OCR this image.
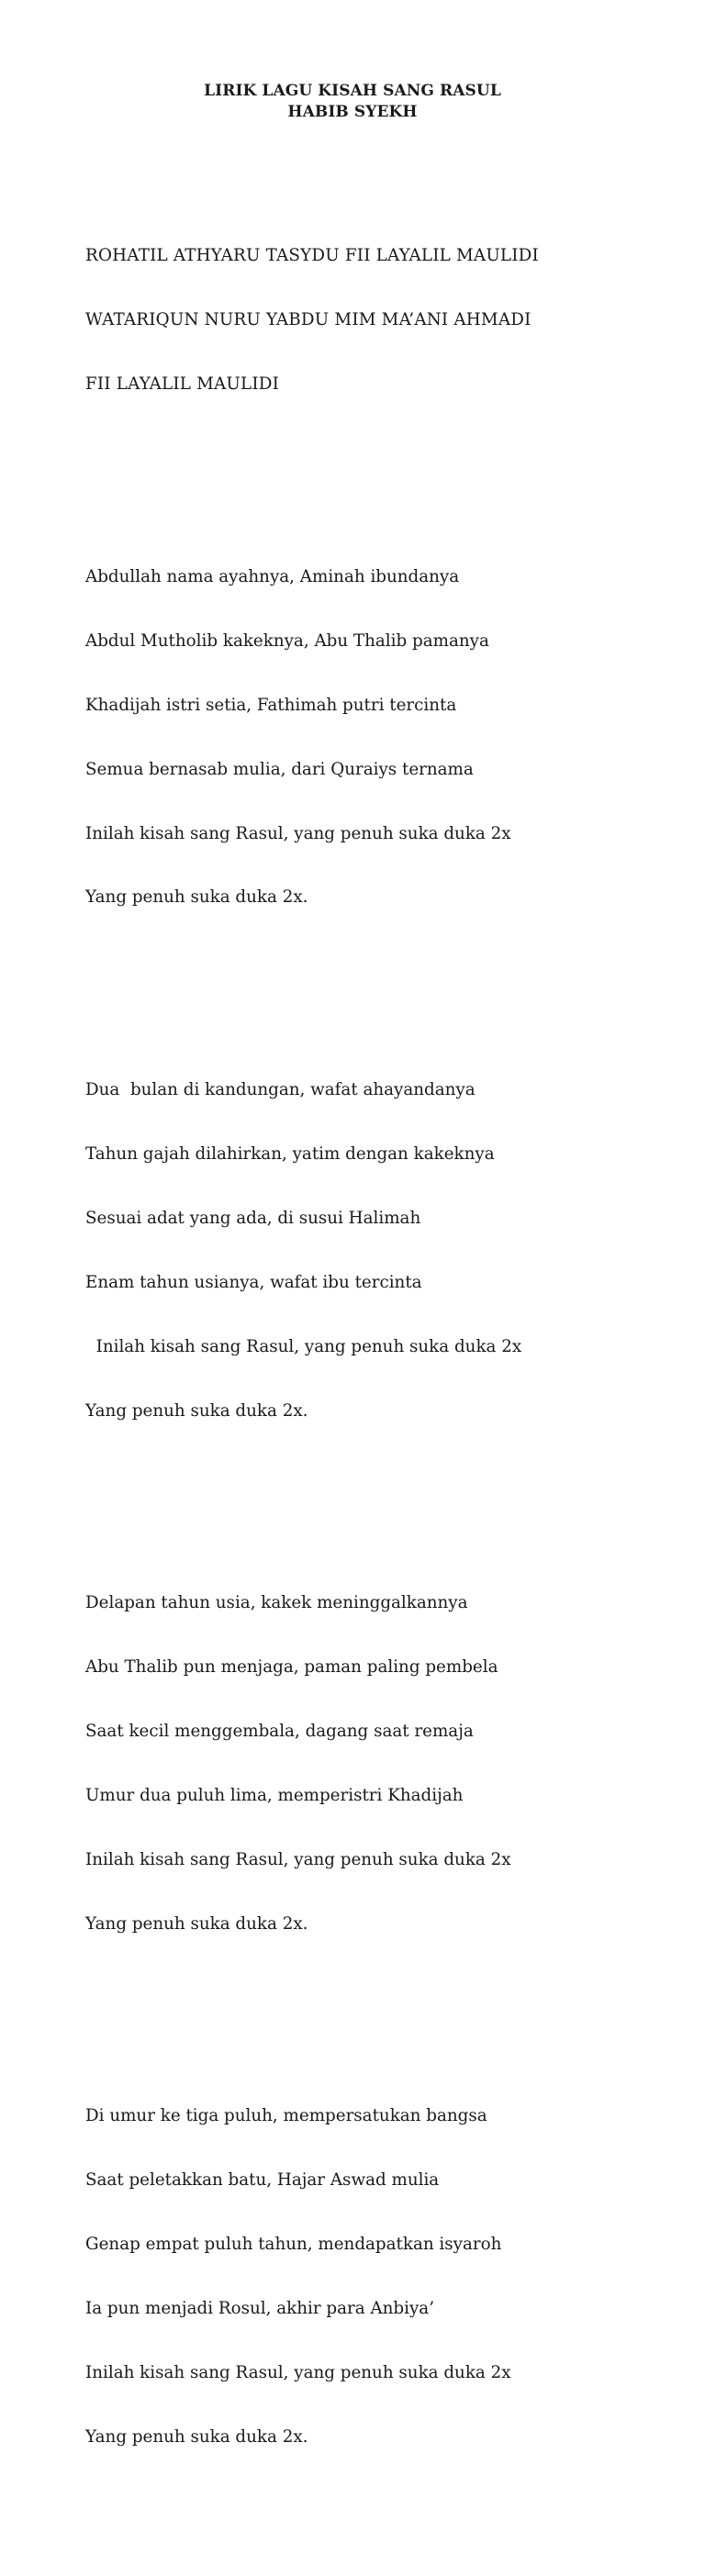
LIRIK LAGU KISAH SANG RASUL
HABIB SYEKH

ROHATIL ATHYARU TASYDU FII LAYALIL MAULIDI

WATARIQUN NURU YABDU MIM MA’ANI AHMADI

FII LAYALIL MAULIDI

Abdullah nama ayahnya, Aminah ibundanya

Abdul Mutholib kakeknya, Abu Thalib pamanya

Khadijah istri setia, Fathimah putri tercinta

Semua bernasab mulia, dari Quraiys ternama

Inilah kisah sang Rasul, yang penuh suka duka 2x

Yang penuh suka duka 2x.

Dua  bulan di kandungan, wafat ahayandanya

Tahun gajah dilahirkan, yatim dengan kakeknya

Sesuai adat yang ada, di susui Halimah

Enam tahun usianya, wafat ibu tercinta

Inilah kisah sang Rasul, yang penuh suka duka 2x

Yang penuh suka duka 2x.

Delapan tahun usia, kakek meninggalkannya

Abu Thalib pun menjaga, paman paling pembela

Saat kecil menggembala, dagang saat remaja

Umur dua puluh lima, memperistri Khadijah

Inilah kisah sang Rasul, yang penuh suka duka 2x

Yang penuh suka duka 2x.

Di umur ke tiga puluh, mempersatukan bangsa

Saat peletakkan batu, Hajar Aswad mulia

Genap empat puluh tahun, mendapatkan isyaroh

Ia pun menjadi Rosul, akhir para Anbiya’

Inilah kisah sang Rasul, yang penuh suka duka 2x

Yang penuh suka duka 2x.
